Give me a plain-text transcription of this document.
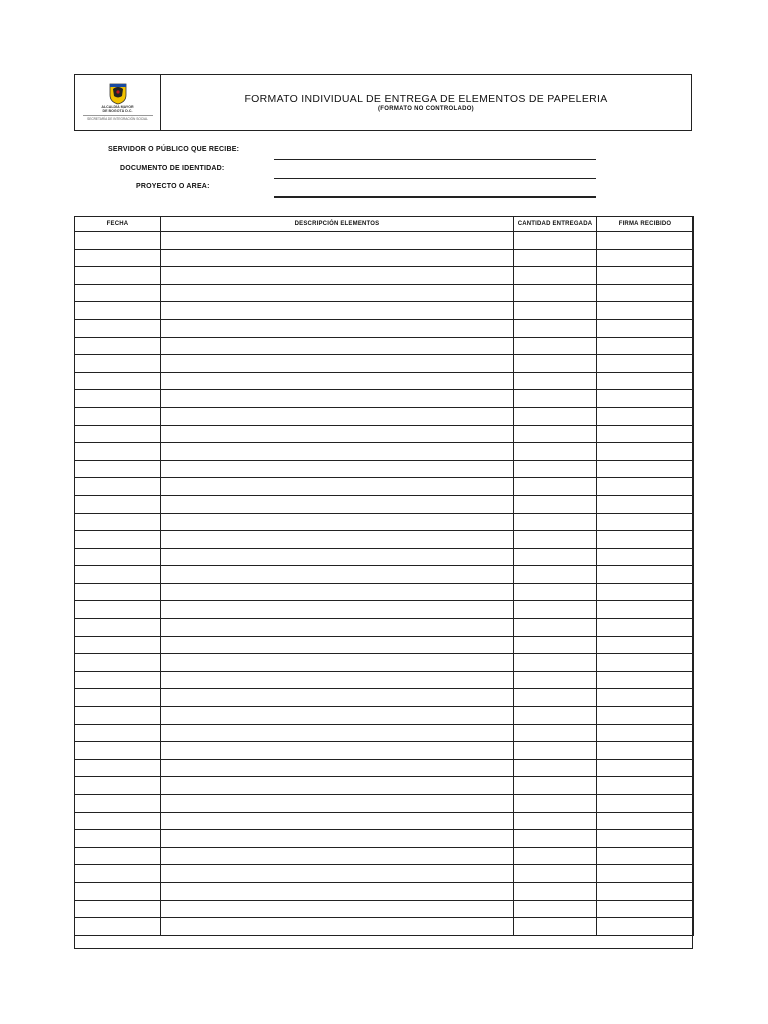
ALCALDÍA MAYOR
DE BOGOTÁ D.C.
SECRETARÍA DE INTEGRACIÓN SOCIAL
FORMATO INDIVIDUAL DE ENTREGA DE ELEMENTOS DE PAPELERIA
(FORMATO NO CONTROLADO)
SERVIDOR O PÚBLICO QUE RECIBE:
DOCUMENTO DE IDENTIDAD:
PROYECTO O AREA:
FECHA	DESCRIPCIÓN ELEMENTOS	CANTIDAD ENTREGADA	FIRMA RECIBIDO
